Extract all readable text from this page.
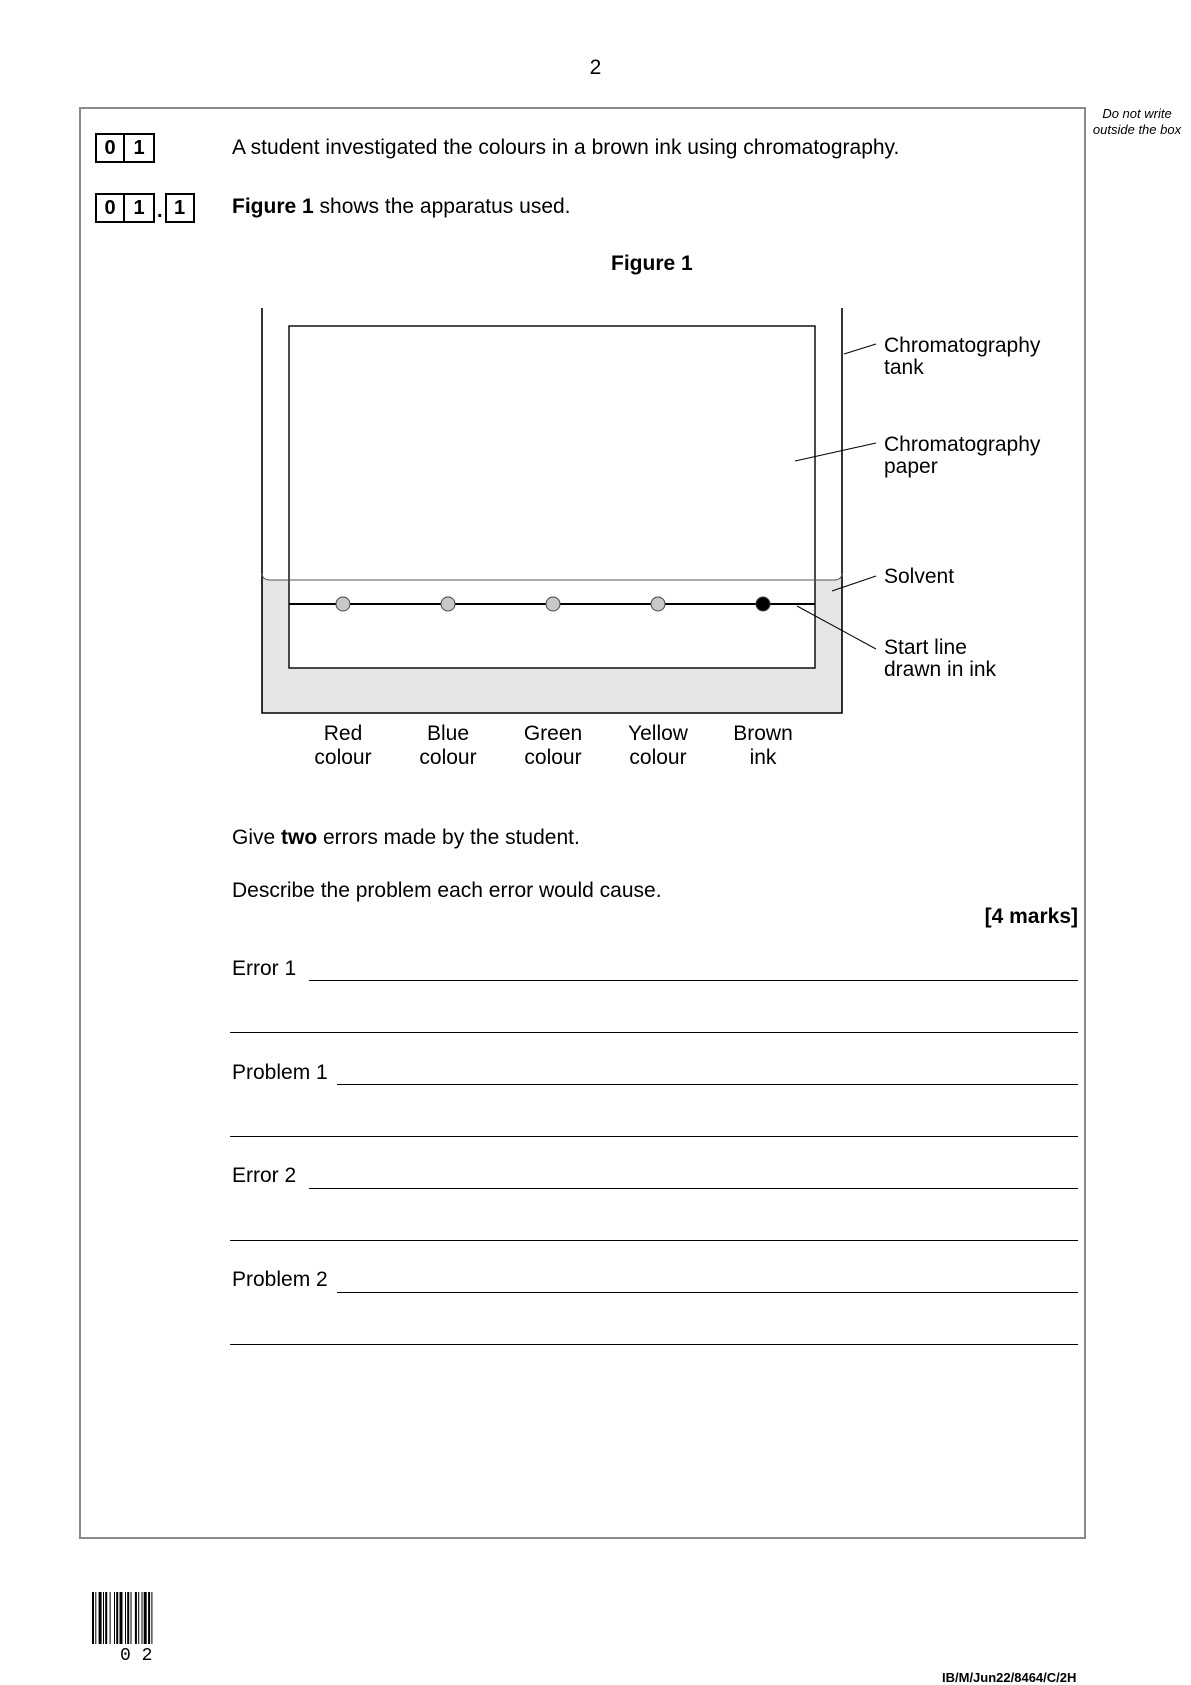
2
Do not write outside the box
0 1	A student investigated the colours in a brown ink using chromatography.
0 1 . 1	Figure 1 shows the apparatus used.
Figure 1
Red
colour
Blue
colour
Green
colour
Yellow
colour
Brown
ink
Chromatography
tank
Chromatography
paper
Solvent
Start line
drawn in ink
Give two errors made by the student.
Describe the problem each error would cause.
[4 marks]
Error 1
Problem 1
Error 2
Problem 2
0 2
IB/M/Jun22/8464/C/2H
